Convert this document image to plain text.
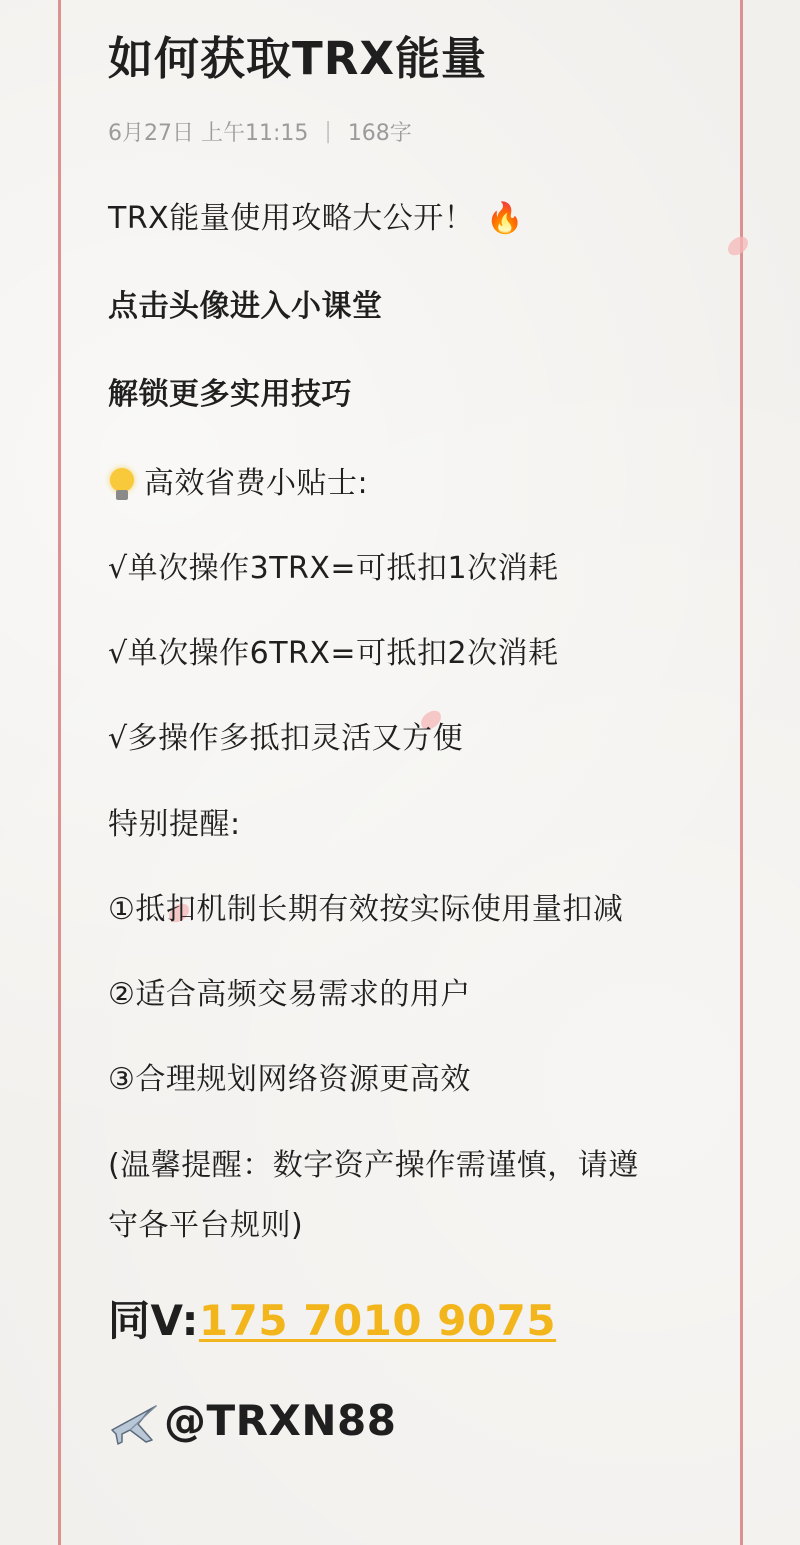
如何获取TRX能量
6月27日 上午11:15 | 168字
TRX能量使用攻略大公开！ 🔥
点击头像进入小课堂
解锁更多实用技巧
高效省费小贴士:
√单次操作3TRX=可抵扣1次消耗
√单次操作6TRX=可抵扣2次消耗
√多操作多抵扣灵活又方便
特别提醒:
①抵扣机制长期有效按实际使用量扣减
②适合高频交易需求的用户
③合理规划网络资源更高效
(温馨提醒：数字资产操作需谨慎，请遵
守各平台规则)
同V:175 7010 9075
@TRXN88
